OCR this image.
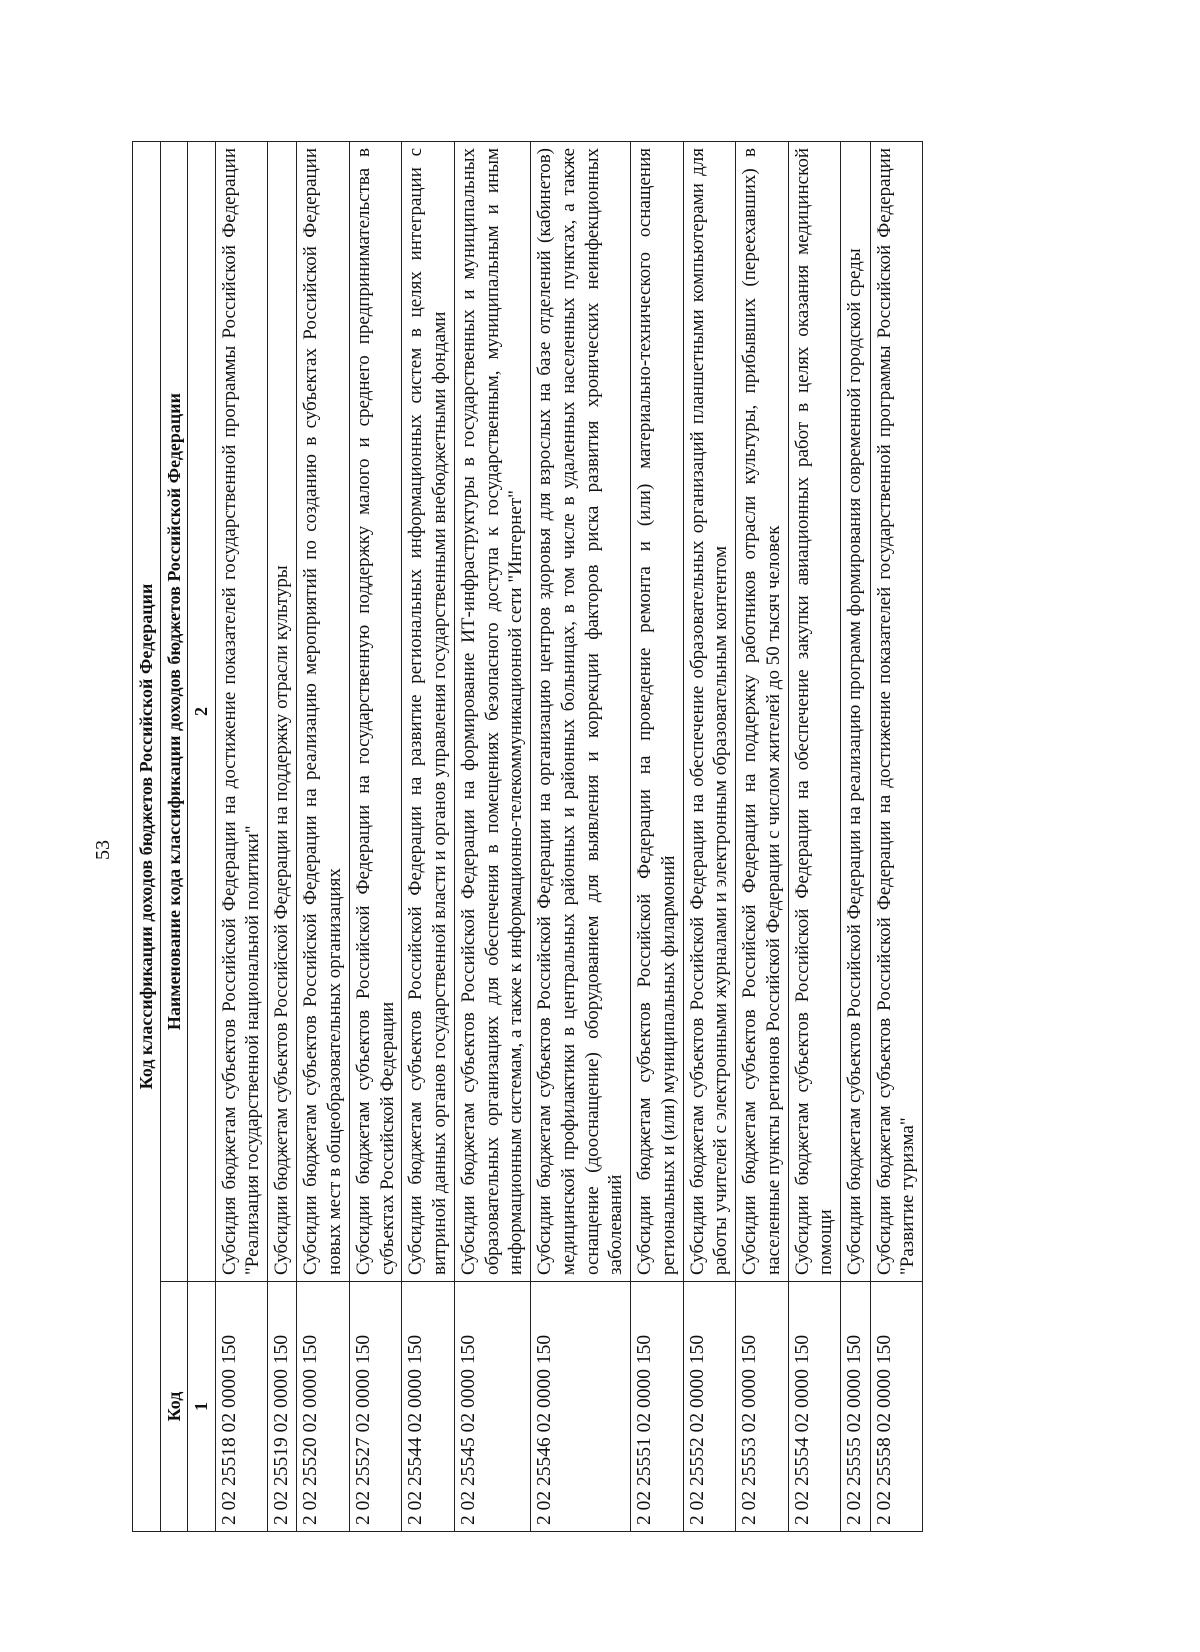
53 Код классификации доходов бюджетов Российской Федерации	
Код	Наименование кода классификации доходов бюджетов Российской Федерации
1	2
2 02 25518 02 0000 150	Субсидия бюджетам субъектов Российской Федерации на достижение показателей государственной программы Российской Федерации "Реализация государственной национальной политики"
2 02 25519 02 0000 150	Субсидии бюджетам субъектов Российской Федерации на поддержку отрасли культуры
2 02 25520 02 0000 150	Субсидии бюджетам субъектов Российской Федерации на реализацию мероприятий по созданию в субъектах Российской Федерации новых мест в общеобразовательных организациях
2 02 25527 02 0000 150	Субсидии бюджетам субъектов Российской Федерации на государственную поддержку малого и среднего предпринимательства в субъектах Российской Федерации
2 02 25544 02 0000 150	Субсидии бюджетам субъектов Российской Федерации на развитие региональных информационных систем в целях интеграции с витриной данных органов государственной власти и органов управления государственными внебюджетными фондами
2 02 25545 02 0000 150	Субсидии бюджетам субъектов Российской Федерации на формирование ИТ-инфраструктуры в государственных и муниципальных образовательных организациях для обеспечения в помещениях безопасного доступа к государственным, муниципальным и иным информационным системам, а также к информационно-телекоммуникационной сети "Интернет"
2 02 25546 02 0000 150	Субсидии бюджетам субъектов Российской Федерации на организацию центров здоровья для взрослых на базе отделений (кабинетов) медицинской профилактики в центральных районных и районных больницах, в том числе в удаленных населенных пунктах, а также оснащение (дооснащение) оборудованием для выявления и коррекции факторов риска развития хронических неинфекционных заболеваний
2 02 25551 02 0000 150	Субсидии бюджетам субъектов Российской Федерации на проведение ремонта и (или) материально-технического оснащения региональных и (или) муниципальных филармоний
2 02 25552 02 0000 150	Субсидии бюджетам субъектов Российской Федерации на обеспечение образовательных организаций планшетными компьютерами для работы учителей с электронными журналами и электронным образовательным контентом
2 02 25553 02 0000 150	Субсидии бюджетам субъектов Российской Федерации на поддержку работников отрасли культуры, прибывших (переехавших) в населенные пункты регионов Российской Федерации с числом жителей до 50 тысяч человек
2 02 25554 02 0000 150	Субсидии бюджетам субъектов Российской Федерации на обеспечение закупки авиационных работ в целях оказания медицинской помощи
2 02 25555 02 0000 150	Субсидии бюджетам субъектов Российской Федерации на реализацию программ формирования современной городской среды
2 02 25558 02 0000 150	Субсидии бюджетам субъектов Российской Федерации на достижение показателей государственной программы Российской Федерации "Развитие туризма"
